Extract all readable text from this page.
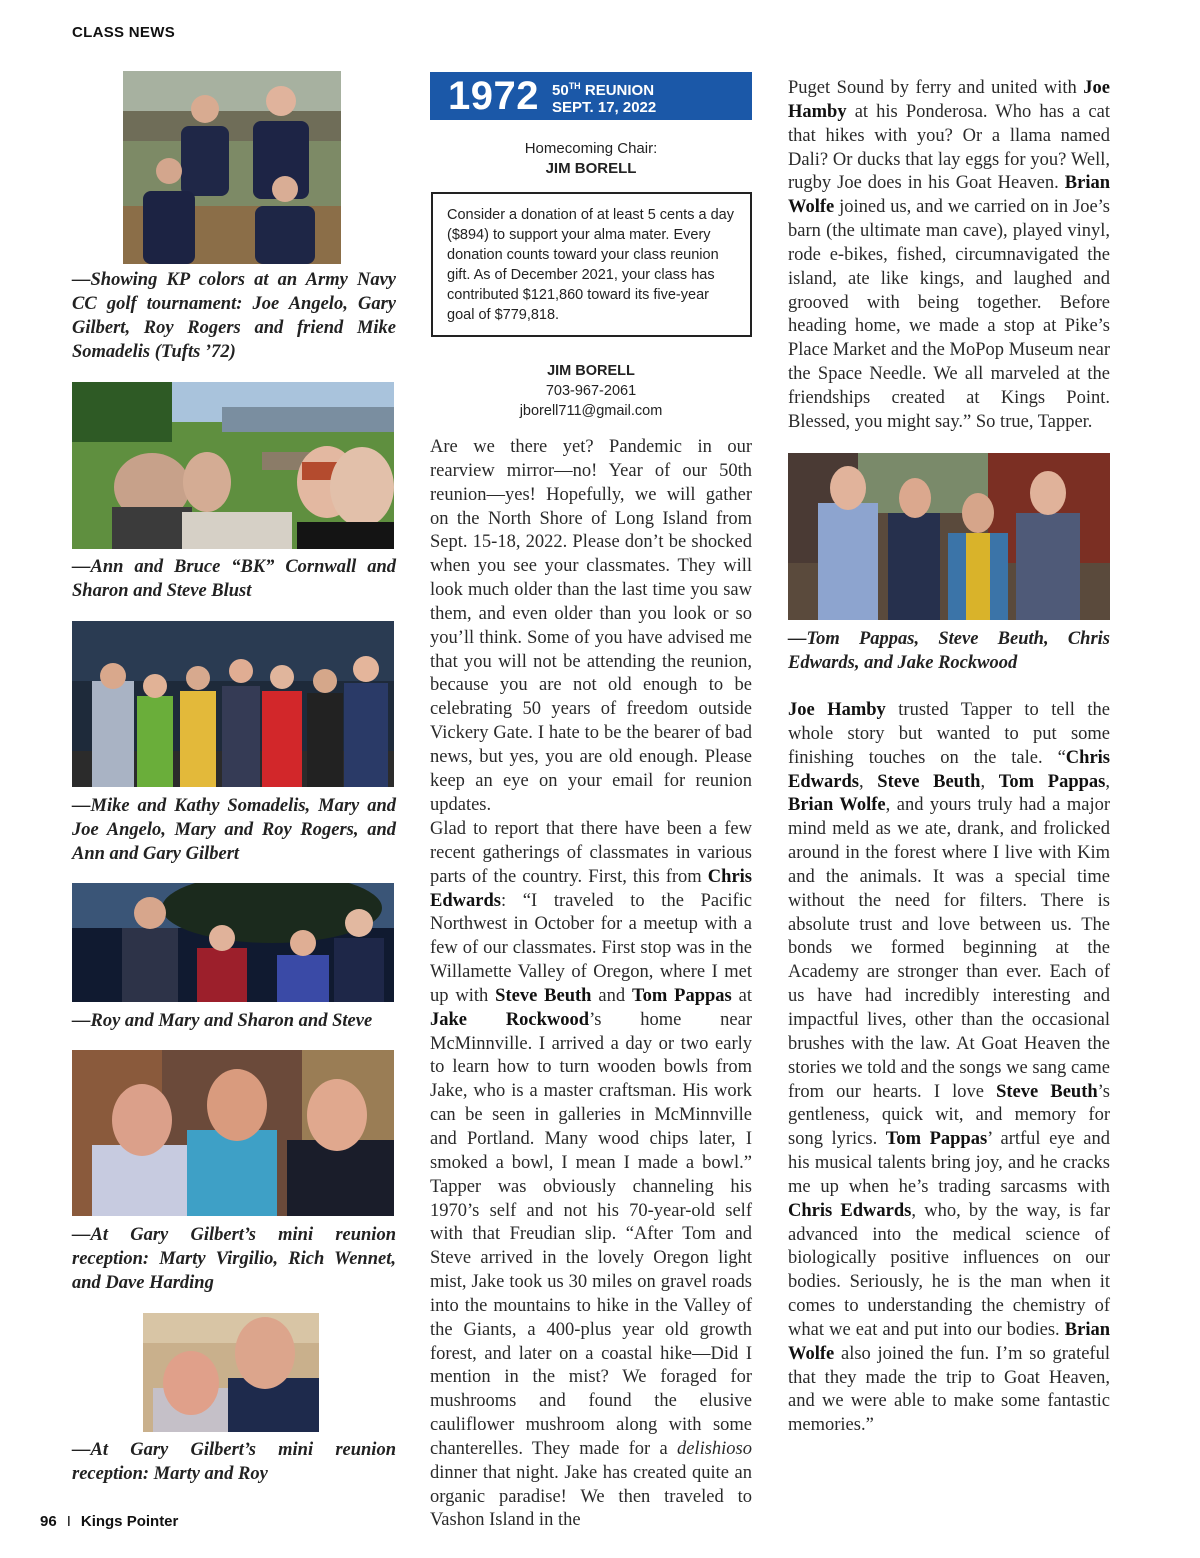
CLASS NEWS
—Showing KP colors at an Army Navy CC golf tournament: Joe Angelo, Gary Gilbert, Roy Rogers and friend Mike Somadelis (Tufts ’72)
—Ann and Bruce “BK” Cornwall and Sharon and Steve Blust
—Mike and Kathy Somadelis, Mary and Joe Angelo, Mary and Roy Rogers, and Ann and Gary Gilbert
—Roy and Mary and Sharon and Steve
—At Gary Gilbert’s mini reunion reception: Marty Virgilio, Rich Wennet, and Dave Harding
—At Gary Gilbert’s mini reunion reception: Marty and Roy
1972 50TH REUNION
SEPT. 17, 2022
Homecoming Chair:
JIM BORELL
Consider a donation of at least 5 cents a day ($894) to support your alma mater. Every donation counts toward your class reunion gift. As of December 2021, your class has contributed $121,860 toward its five-year goal of $779,818.
JIM BORELL
703-967-2061
jborell711@gmail.com
Are we there yet? Pandemic in our rearview mirror—no! Year of our 50th reunion—yes! Hopefully, we will gather on the North Shore of Long Island from Sept. 15-18, 2022. Please don’t be shocked when you see your classmates. They will look much older than the last time you saw them, and even older than you look or so you’ll think. Some of you have advised me that you will not be attending the reunion, because you are not old enough to be celebrating 50 years of freedom outside Vickery Gate. I hate to be the bearer of bad news, but yes, you are old enough. Please keep an eye on your email for reunion updates.
Glad to report that there have been a few recent gatherings of classmates in various parts of the country. First, this from Chris Edwards: “I traveled to the Pacific Northwest in October for a meetup with a few of our classmates. First stop was in the Willamette Valley of Oregon, where I met up with Steve Beuth and Tom Pappas at Jake Rockwood’s home near McMinnville. I arrived a day or two early to learn how to turn wooden bowls from Jake, who is a master craftsman. His work can be seen in galleries in McMinnville and Portland. Many wood chips later, I smoked a bowl, I mean I made a bowl.” Tapper was obviously channeling his 1970’s self and not his 70-year-old self with that Freudian slip. “After Tom and Steve arrived in the lovely Oregon light mist, Jake took us 30 miles on gravel roads into the mountains to hike in the Valley of the Giants, a 400-plus year old growth forest, and later on a coastal hike—Did I mention in the mist? We foraged for mushrooms and found the elusive cauliflower mushroom along with some chanterelles. They made for a delishioso dinner that night. Jake has created quite an organic paradise! We then traveled to Vashon Island in the
Puget Sound by ferry and united with Joe Hamby at his Ponderosa. Who has a cat that hikes with you? Or a llama named Dali? Or ducks that lay eggs for you? Well, rugby Joe does in his Goat Heaven. Brian Wolfe joined us, and we carried on in Joe’s barn (the ultimate man cave), played vinyl, rode e-bikes, fished, circumnavigated the island, ate like kings, and laughed and grooved with being together. Before heading home, we made a stop at Pike’s Place Market and the MoPop Museum near the Space Needle. We all marveled at the friendships created at Kings Point. Blessed, you might say.” So true, Tapper.
—Tom Pappas, Steve Beuth, Chris Edwards, and Jake Rockwood
Joe Hamby trusted Tapper to tell the whole story but wanted to put some finishing touches on the tale. “Chris Edwards, Steve Beuth, Tom Pappas, Brian Wolfe, and yours truly had a major mind meld as we ate, drank, and frolicked around in the forest where I live with Kim and the animals. It was a special time without the need for filters. There is absolute trust and love between us. The bonds we formed beginning at the Academy are stronger than ever. Each of us have had incredibly interesting and impactful lives, other than the occasional brushes with the law. At Goat Heaven the stories we told and the songs we sang came from our hearts. I love Steve Beuth’s gentleness, quick wit, and memory for song lyrics. Tom Pappas’ artful eye and his musical talents bring joy, and he cracks me up when he’s trading sarcasms with Chris Edwards, who, by the way, is far advanced into the medical science of biologically positive influences on our bodies. Seriously, he is the man when it comes to understanding the chemistry of what we eat and put into our bodies. Brian Wolfe also joined the fun. I’m so grateful that they made the trip to Goat Heaven, and we were able to make some fantastic memories.”
96 I Kings Pointer
